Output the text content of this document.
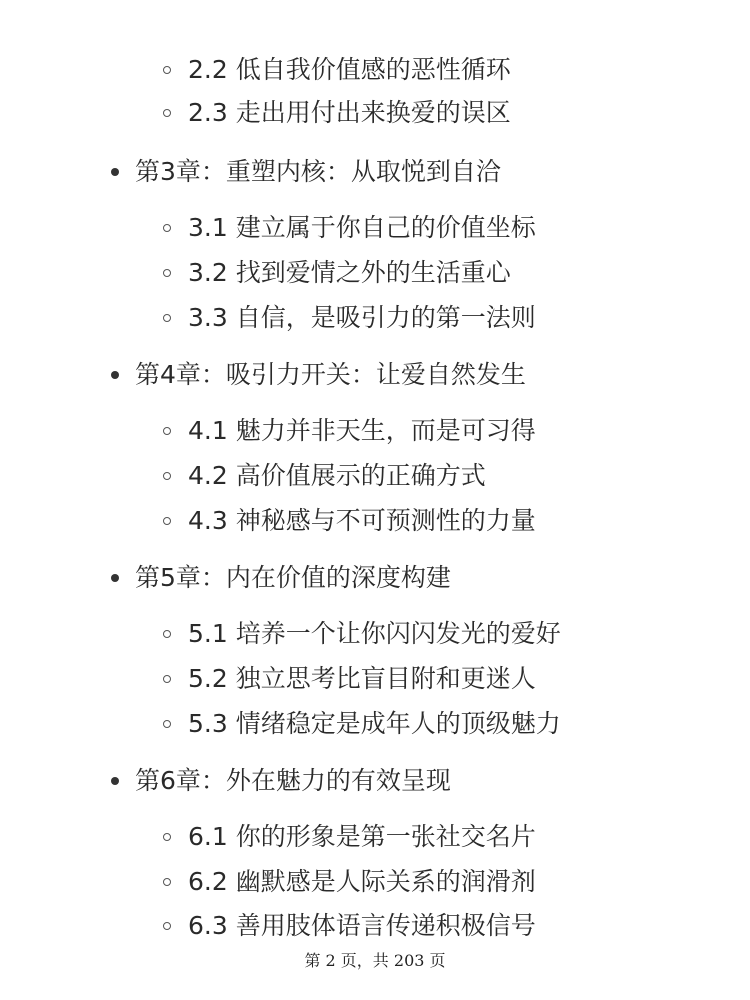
2.2 低自我价值感的恶性循环
2.3 走出用付出来换爱的误区
第3章：重塑内核：从取悦到自洽
3.1 建立属于你自己的价值坐标
3.2 找到爱情之外的生活重心
3.3 自信，是吸引力的第一法则
第4章：吸引力开关：让爱自然发生
4.1 魅力并非天生，而是可习得
4.2 高价值展示的正确方式
4.3 神秘感与不可预测性的力量
第5章：内在价值的深度构建
5.1 培养一个让你闪闪发光的爱好
5.2 独立思考比盲目附和更迷人
5.3 情绪稳定是成年人的顶级魅力
第6章：外在魅力的有效呈现
6.1 你的形象是第一张社交名片
6.2 幽默感是人际关系的润滑剂
6.3 善用肢体语言传递积极信号
第 2 页，共 203 页
